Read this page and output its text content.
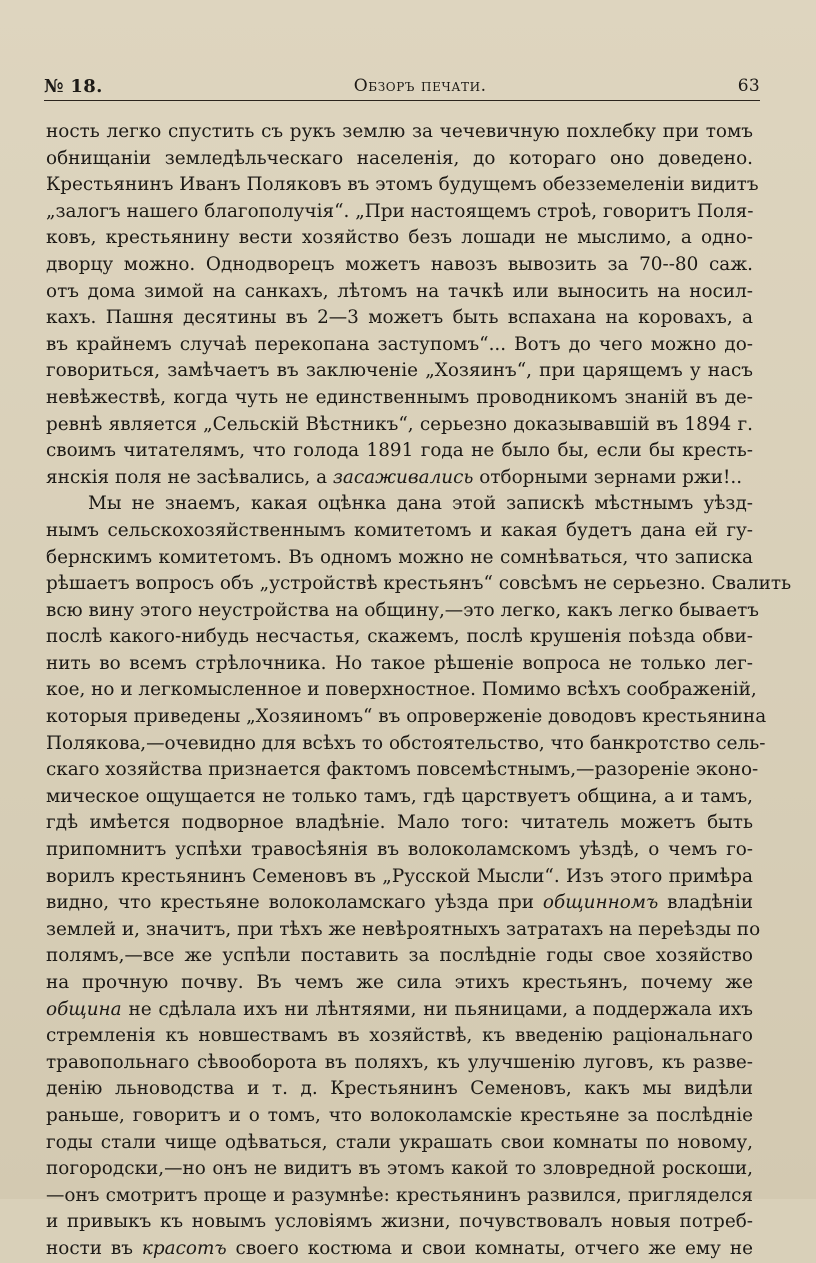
№ 18.	Обзоръ печати.	63
ность легко спустить съ рукъ землю за чечевичную похлебку при томъ
обнищаніи земледѣльческаго населенія, до котораго оно доведено.
Крестьянинъ Иванъ Поляковъ въ этомъ будущемъ обезземеленіи видитъ
„залогъ нашего благополучія“. „При настоящемъ строѣ, говоритъ Поля-
ковъ, крестьянину вести хозяйство безъ лошади не мыслимо, а одно-
дворцу можно. Однодворецъ можетъ навозъ вывозить за 70--80 саж.
отъ дома зимой на санкахъ, лѣтомъ на тачкѣ или выносить на носил-
кахъ. Пашня десятины въ 2—3 можетъ быть вспахана на коровахъ, а
въ крайнемъ случаѣ перекопана заступомъ“... Вотъ до чего можно до-
говориться, замѣчаетъ въ заключеніе „Хозяинъ“, при царящемъ у насъ
невѣжествѣ, когда чуть не единственнымъ проводникомъ знаній въ де-
ревнѣ является „Сельскій Вѣстникъ“, серьезно доказывавшій въ 1894 г.
своимъ читателямъ, что голода 1891 года не было бы, если бы кресть-
янскія поля не засѣвались, а засаживались отборными зернами ржи!..
Мы не знаемъ, какая оцѣнка дана этой запискѣ мѣстнымъ уѣзд-
нымъ сельскохозяйственнымъ комитетомъ и какая будетъ дана ей гу-
бернскимъ комитетомъ. Въ одномъ можно не сомнѣваться, что записка
рѣшаетъ вопросъ объ „устройствѣ крестьянъ“ совсѣмъ не серьезно. Свалить
всю вину этого неустройства на общину,—это легко, какъ легко бываетъ
послѣ какого-нибудь несчастья, скажемъ, послѣ крушенія поѣзда обви-
нить во всемъ стрѣлочника. Но такое рѣшеніе вопроса не только лег-
кое, но и легкомысленное и поверхностное. Помимо всѣхъ соображеній,
которыя приведены „Хозяиномъ“ въ опроверженіе доводовъ крестьянина
Полякова,—очевидно для всѣхъ то обстоятельство, что банкротство сель-
скаго хозяйства признается фактомъ повсемѣстнымъ,—разореніе эконо-
мическое ощущается не только тамъ, гдѣ царствуетъ община, а и тамъ,
гдѣ имѣется подворное владѣніе. Мало того: читатель можетъ быть
припомнитъ успѣхи травосѣянія въ волоколамскомъ уѣздѣ, о чемъ го-
ворилъ крестьянинъ Семеновъ въ „Русской Мысли“. Изъ этого примѣра
видно, что крестьяне волоколамскаго уѣзда при общинномъ владѣніи
землей и, значитъ, при тѣхъ же невѣроятныхъ затратахъ на переѣзды по
полямъ,—все же успѣли поставить за послѣдніе годы свое хозяйство
на прочную почву. Въ чемъ же сила этихъ крестьянъ, почему же
община не сдѣлала ихъ ни лѣнтяями, ни пьяницами, а поддержала ихъ
стремленія къ новшествамъ въ хозяйствѣ, къ введенію раціональнаго
травопольнаго сѣвооборота въ поляхъ, къ улучшенію луговъ, къ разве-
денію льноводства и т. д. Крестьянинъ Семеновъ, какъ мы видѣли
раньше, говоритъ и о томъ, что волоколамскіе крестьяне за послѣдніе
годы стали чище одѣваться, стали украшать свои комнаты по новому,
погородски,—но онъ не видитъ въ этомъ какой то зловредной роскоши,
—онъ смотритъ проще и разумнѣе: крестьянинъ развился, пригляделся
и привыкъ къ новымъ условіямъ жизни, почувствовалъ новыя потреб-
ности въ красотъ своего костюма и свои комнаты, отчего же ему не
